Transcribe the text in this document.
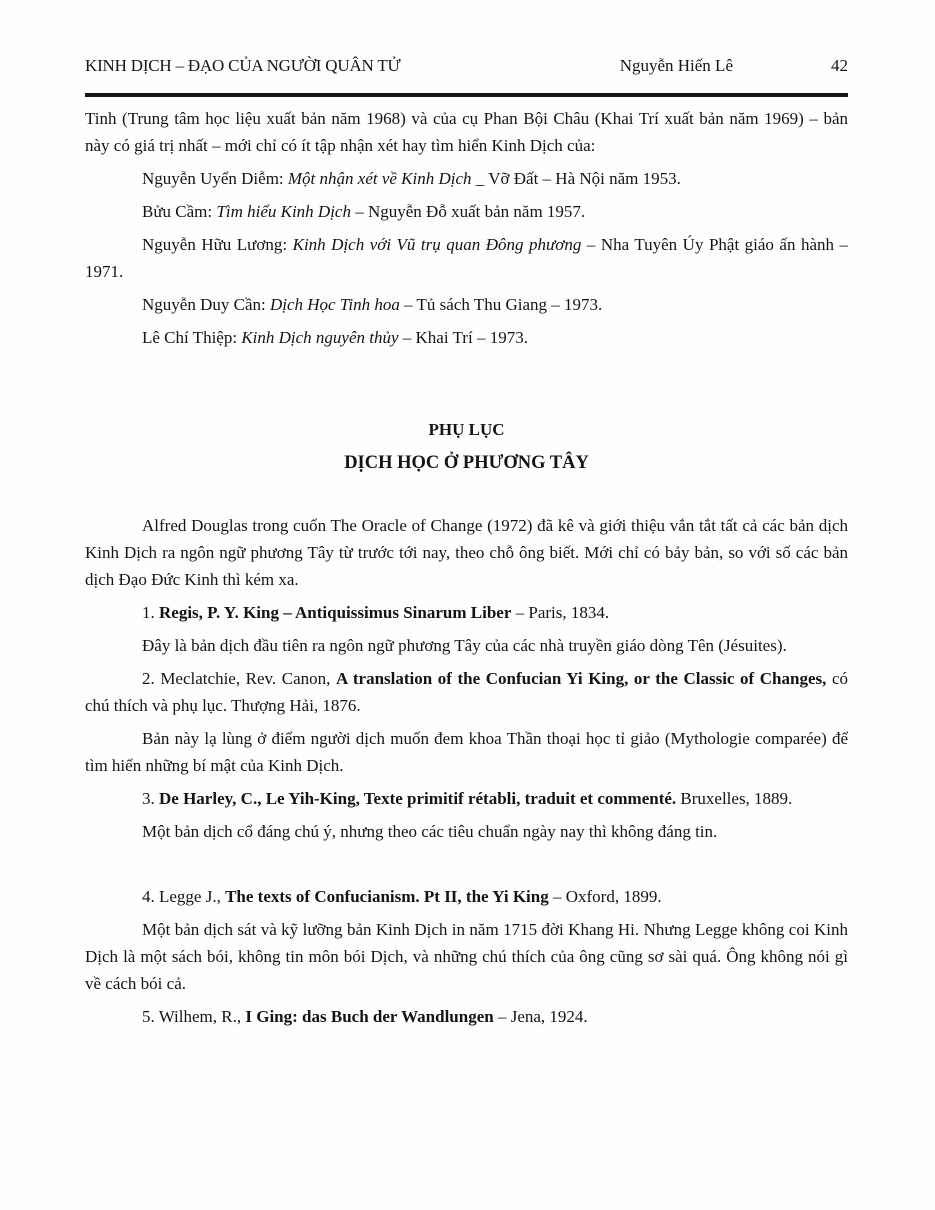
KINH DỊCH – ĐẠO CỦA NGƯỜI QUÂN TỬ	Nguyễn Hiến Lê	42

Tinh (Trung tâm học liệu xuất bản năm 1968) và của cụ Phan Bội Châu (Khai Trí xuất bản năm 1969) – bản này có giá trị nhất – mới chỉ có ít tập nhận xét hay tìm hiển Kinh Dịch của:

Nguyễn Uyển Diễm: Một nhận xét về Kinh Dịch _ Vỡ Đất – Hà Nội năm 1953.

Bửu Cầm: Tìm hiểu Kinh Dịch – Nguyễn Đỗ xuất bản năm 1957.

Nguyễn Hữu Lương: Kinh Dịch với Vũ trụ quan Đông phương – Nha Tuyên Úy Phật giáo ấn hành – 1971.

Nguyễn Duy Cần: Dịch Học Tinh hoa – Tủ sách Thu Giang – 1973.

Lê Chí Thiệp: Kinh Dịch nguyên thủy – Khai Trí – 1973.

PHỤ LỤC
DỊCH HỌC Ở PHƯƠNG TÂY

Alfred Douglas trong cuốn The Oracle of Change (1972) đã kê và giới thiệu vắn tắt tất cả các bản dịch Kinh Dịch ra ngôn ngữ phương Tây từ trước tới nay, theo chỗ ông biết. Mới chỉ có bảy bản, so với số các bản dịch Đạo Đức Kinh thì kém xa.

1. Regis, P. Y. King – Antiquissimus Sinarum Liber – Paris, 1834.

Đây là bản dịch đầu tiên ra ngôn ngữ phương Tây của các nhà truyền giáo dòng Tên (Jésuites).

2. Meclatchie, Rev. Canon, A translation of the Confucian Yi King, or the Classic of Changes, có chú thích và phụ lục. Thượng Hải, 1876.

Bản này lạ lùng ở điểm người dịch muốn đem khoa Thần thoại học tỉ giảo (Mythologie comparée) để tìm hiển những bí mật của Kinh Dịch.

3. De Harley, C., Le Yih-King, Texte primitif rétabli, traduit et commenté. Bruxelles, 1889.

Một bản dịch cổ đáng chú ý, nhưng theo các tiêu chuẩn ngày nay thì không đáng tin.

4. Legge J., The texts of Confucianism. Pt II, the Yi King – Oxford, 1899.

Một bản dịch sát và kỹ lưỡng bản Kinh Dịch in năm 1715 đời Khang Hi. Nhưng Legge không coi Kinh Dịch là một sách bói, không tin môn bói Dịch, và những chú thích của ông cũng sơ sài quá. Ông không nói gì về cách bói cả.

5. Wilhem, R., I Ging: das Buch der Wandlungen – Jena, 1924.
